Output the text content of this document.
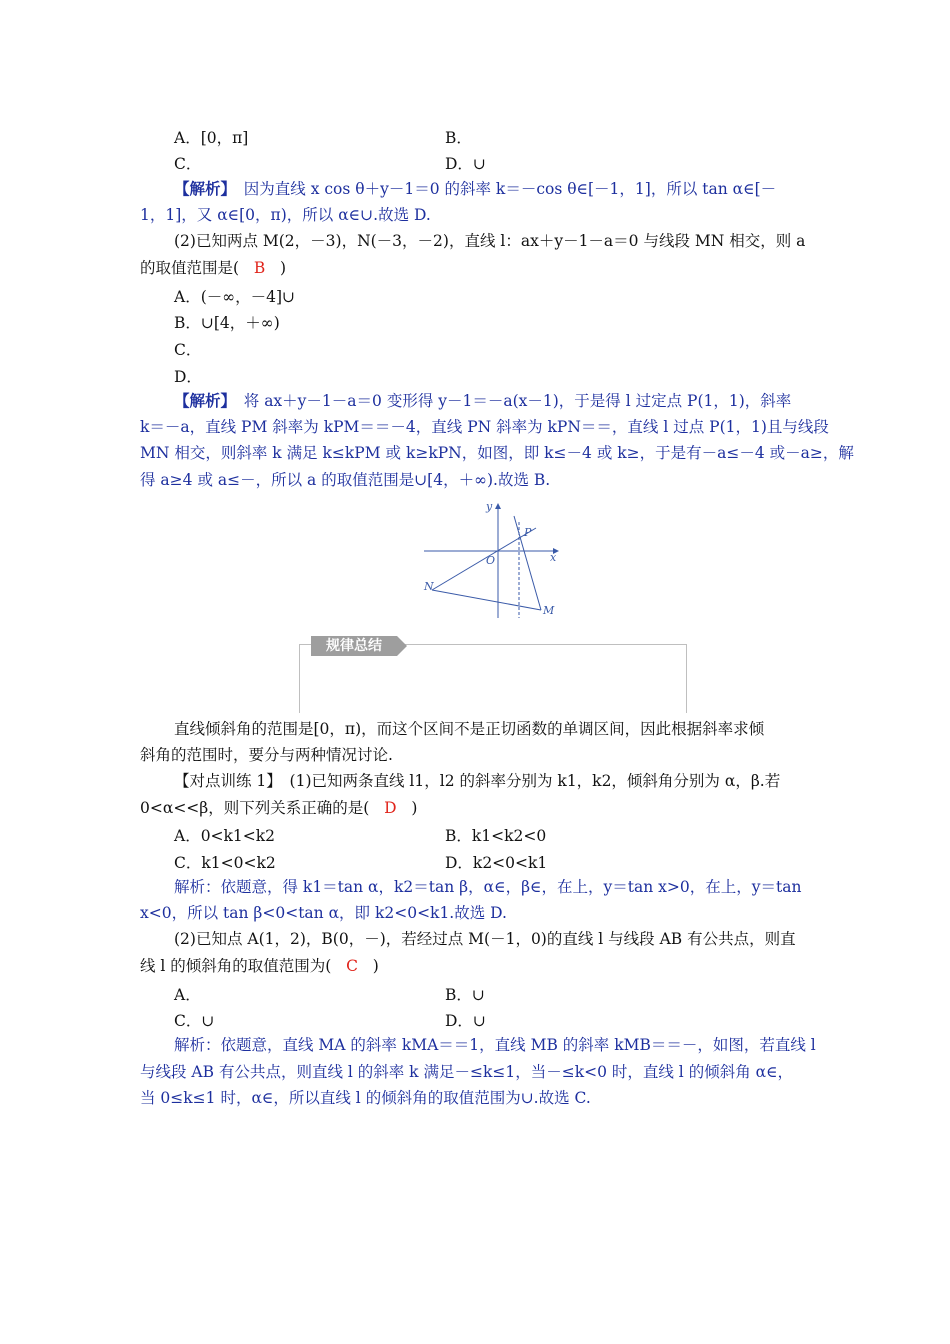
A．[0，π]	B．
C．	D．∪
【解析】　因为直线 x cos θ＋y－1＝0 的斜率 k＝－cos θ∈[－1，1]，所以 tan α∈[－
1，1]，又 α∈[0，π)，所以 α∈∪.故选 D.
(2)已知两点 M(2，－3)，N(－3，－2)，直线 l：ax＋y－1－a＝0 与线段 MN 相交，则 a
的取值范围是( B )
A．(－∞，－4]∪
B．∪[4，＋∞)
C．
D．
【解析】　将 ax＋y－1－a＝0 变形得 y－1＝－a(x－1)，于是得 l 过定点 P(1，1)，斜率
k＝－a，直线 PM 斜率为 kPM＝＝－4，直线 PN 斜率为 kPN＝＝，直线 l 过点 P(1，1)且与线段
MN 相交，则斜率 k 满足 k≤kPM 或 k≥kPN，如图，即 k≤－4 或 k≥，于是有－a≤－4 或－a≥，解
得 a≥4 或 a≤－，所以 a 的取值范围是∪[4，＋∞).故选 B.
y
x
O
P
N
M
规律总结
直线倾斜角的范围是[0，π)，而这个区间不是正切函数的单调区间，因此根据斜率求倾
斜角的范围时，要分与两种情况讨论.
【对点训练 1】　(1)已知两条直线 l1，l2 的斜率分别为 k1，k2，倾斜角分别为 α，β.若
0<α<<β，则下列关系正确的是( D )
A．0<k1<k2	B．k1<k2<0
C．k1<0<k2	D．k2<0<k1
解析：依题意，得 k1＝tan α，k2＝tan β，α∈，β∈，在上，y＝tan x>0，在上，y＝tan
x<0，所以 tan β<0<tan α，即 k2<0<k1.故选 D.
(2)已知点 A(1，2)，B(0，－)，若经过点 M(－1，0)的直线 l 与线段 AB 有公共点，则直
线 l 的倾斜角的取值范围为( C )
A．	B．∪
C．∪	D．∪
解析：依题意，直线 MA 的斜率 kMA＝＝1，直线 MB 的斜率 kMB＝＝－，如图，若直线 l
与线段 AB 有公共点，则直线 l 的斜率 k 满足－≤k≤1，当－≤k<0 时，直线 l 的倾斜角 α∈，
当 0≤k≤1 时，α∈，所以直线 l 的倾斜角的取值范围为∪.故选 C.
